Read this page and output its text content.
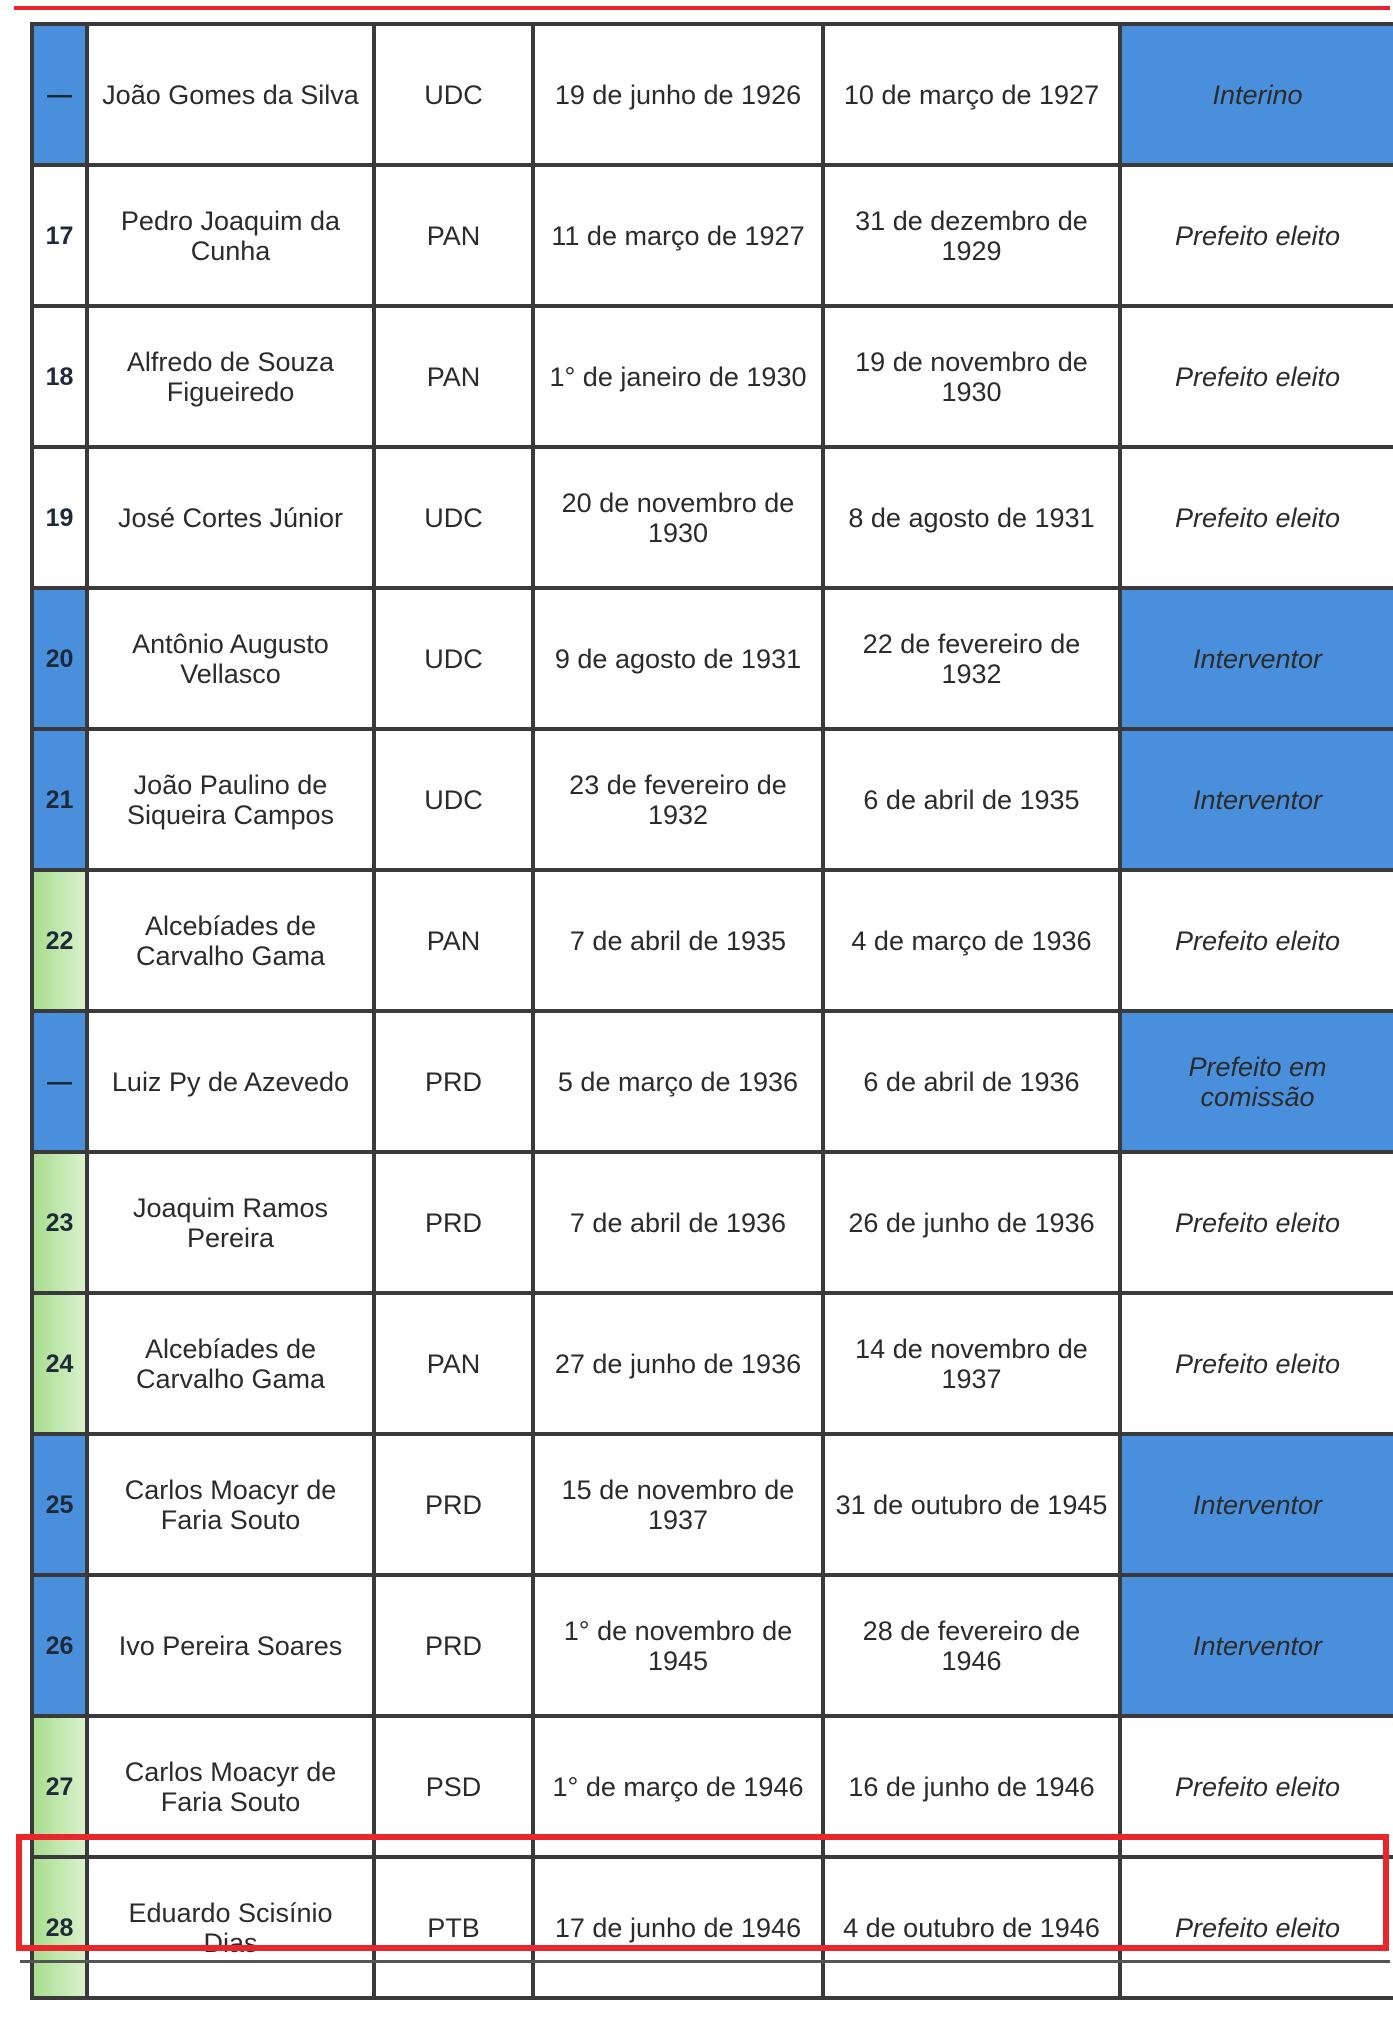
—	João Gomes da Silva	UDC	19 de junho de 1926	10 de março de 1927	Interino
17	Pedro Joaquim da Cunha	PAN	11 de março de 1927	31 de dezembro de 1929	Prefeito eleito
18	Alfredo de Souza Figueiredo	PAN	1° de janeiro de 1930	19 de novembro de 1930	Prefeito eleito
19	José Cortes Júnior	UDC	20 de novembro de 1930	8 de agosto de 1931	Prefeito eleito
20	Antônio Augusto Vellasco	UDC	9 de agosto de 1931	22 de fevereiro de 1932	Interventor
21	João Paulino de Siqueira Campos	UDC	23 de fevereiro de 1932	6 de abril de 1935	Interventor
22	Alcebíades de Carvalho Gama	PAN	7 de abril de 1935	4 de março de 1936	Prefeito eleito
—	Luiz Py de Azevedo	PRD	5 de março de 1936	6 de abril de 1936	Prefeito em comissão
23	Joaquim Ramos Pereira	PRD	7 de abril de 1936	26 de junho de 1936	Prefeito eleito
24	Alcebíades de Carvalho Gama	PAN	27 de junho de 1936	14 de novembro de 1937	Prefeito eleito
25	Carlos Moacyr de Faria Souto	PRD	15 de novembro de 1937	31 de outubro de 1945	Interventor
26	Ivo Pereira Soares	PRD	1° de novembro de 1945	28 de fevereiro de 1946	Interventor
27	Carlos Moacyr de Faria Souto	PSD	1° de março de 1946	16 de junho de 1946	Prefeito eleito
28	Eduardo Scisínio Dias	PTB	17 de junho de 1946	4 de outubro de 1946	Prefeito eleito
